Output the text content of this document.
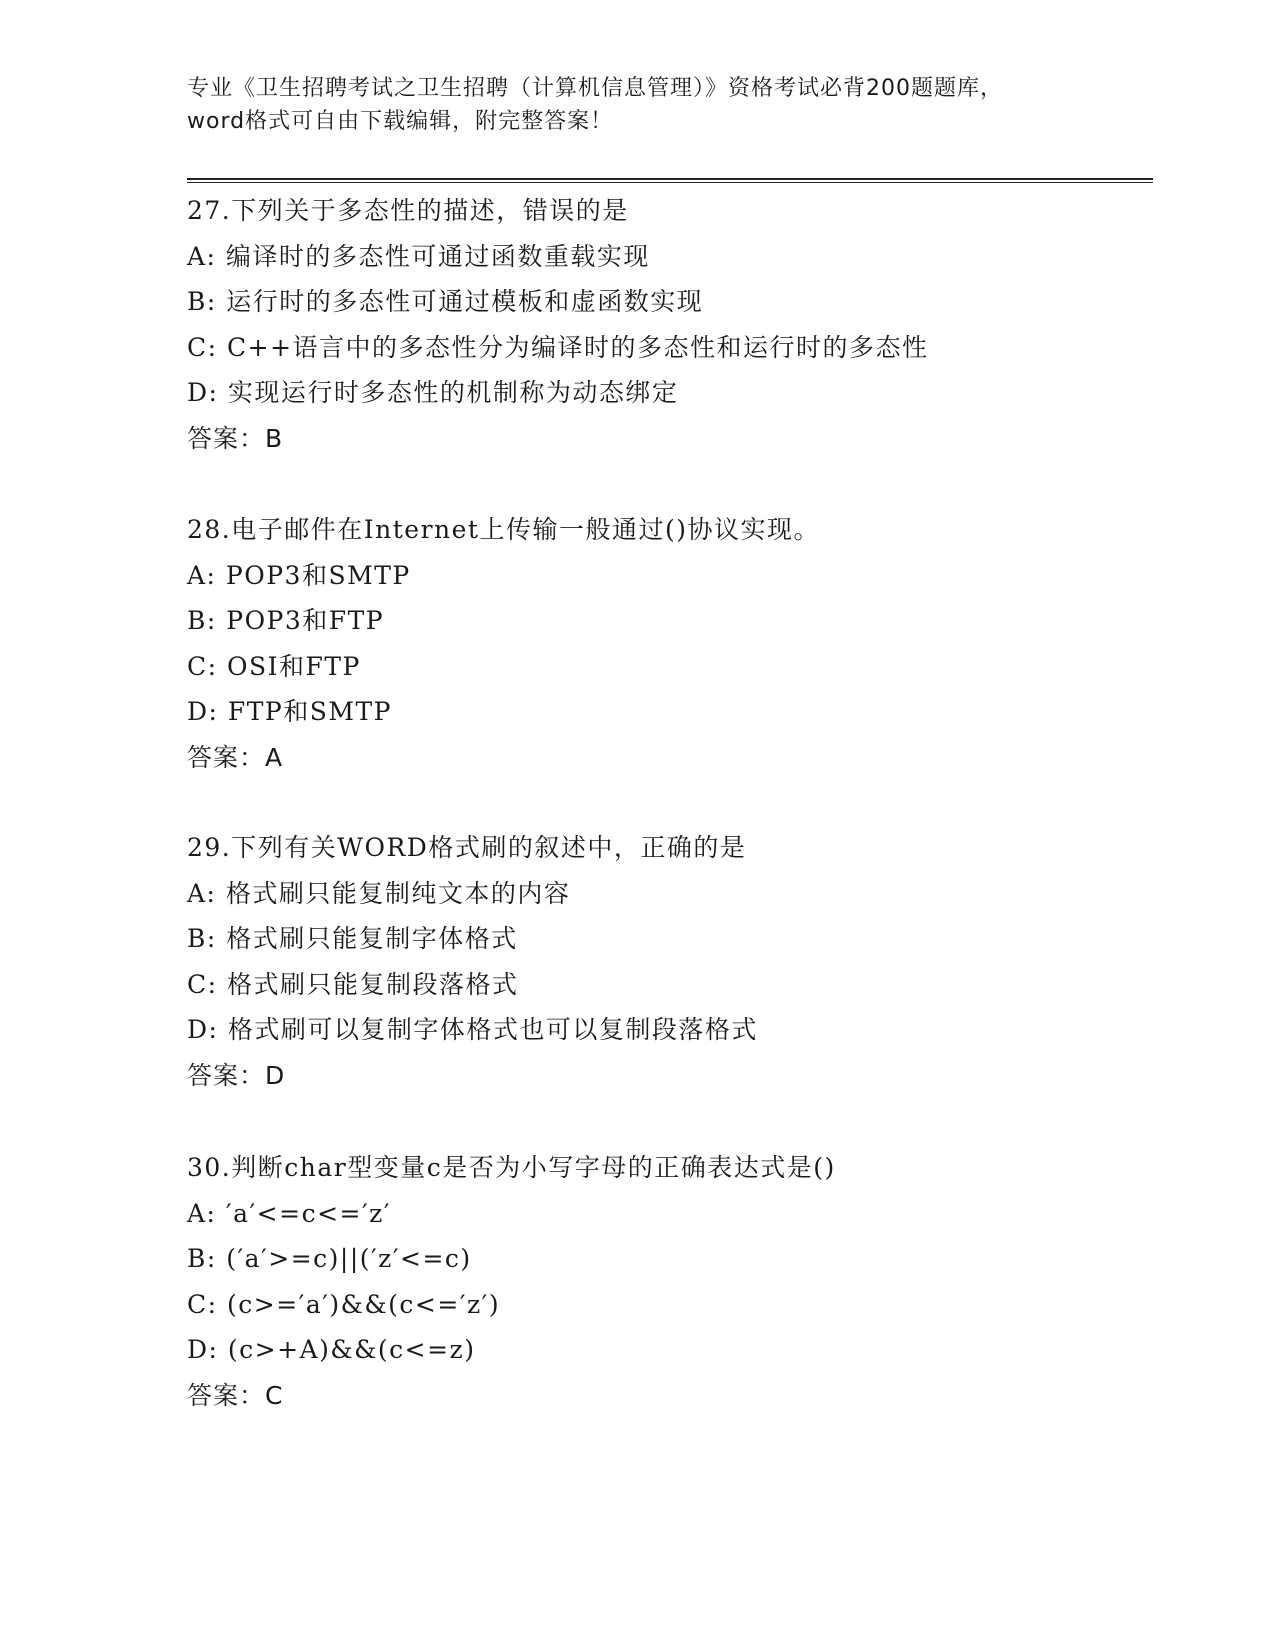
专业《卫生招聘考试之卫生招聘（计算机信息管理）》资格考试必背200题题库，
word格式可自由下载编辑，附完整答案！
27.下列关于多态性的描述，错误的是
A: 编译时的多态性可通过函数重载实现
B: 运行时的多态性可通过模板和虚函数实现
C: C++语言中的多态性分为编译时的多态性和运行时的多态性
D: 实现运行时多态性的机制称为动态绑定
答案：B
28.电子邮件在Internet上传输一般通过()协议实现。
A: POP3和SMTP
B: POP3和FTP
C: OSI和FTP
D: FTP和SMTP
答案：A
29.下列有关WORD格式刷的叙述中，正确的是
A: 格式刷只能复制纯文本的内容
B: 格式刷只能复制字体格式
C: 格式刷只能复制段落格式
D: 格式刷可以复制字体格式也可以复制段落格式
答案：D
30.判断char型变量c是否为小写字母的正确表达式是()
A: ′a′<=c<=′z′
B: (′a′>=c)||(′z′<=c)
C: (c>=′a′)&&(c<=′z′)
D: (c>+A)&&(c<=z)
答案：C
